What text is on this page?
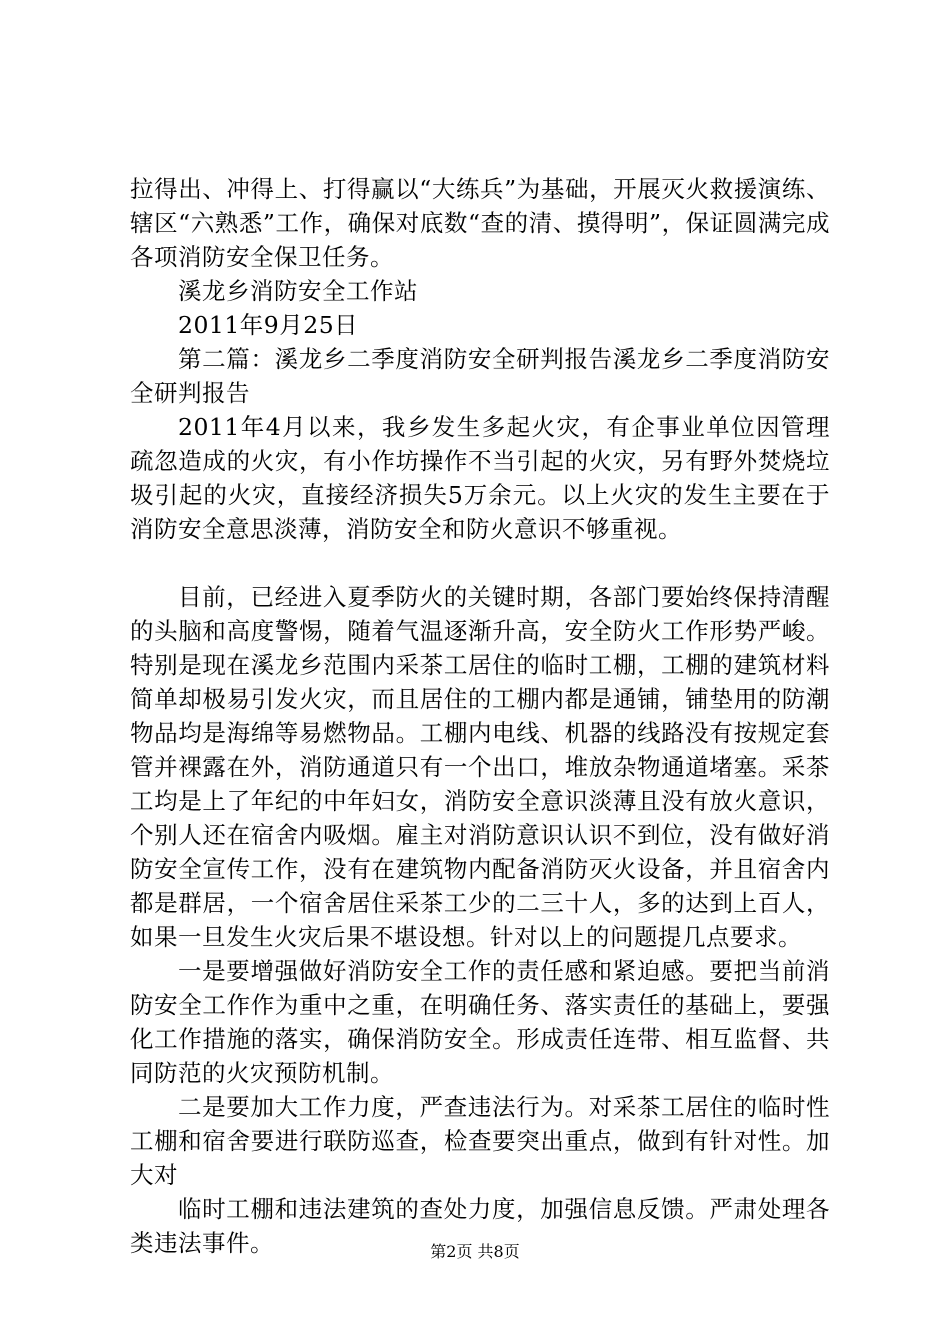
拉得出、冲得上、打得赢以“大练兵”为基础，开展灭火救援演练、辖区“六熟悉”工作，确保对底数“查的清、摸得明”，保证圆满完成各项消防安全保卫任务。

溪龙乡消防安全工作站

2011年9月25日

第二篇：溪龙乡二季度消防安全研判报告溪龙乡二季度消防安全研判报告

2011年4月以来，我乡发生多起火灾，有企事业单位因管理疏忽造成的火灾，有小作坊操作不当引起的火灾，另有野外焚烧垃圾引起的火灾，直接经济损失5万余元。以上火灾的发生主要在于消防安全意思淡薄，消防安全和防火意识不够重视。

目前，已经进入夏季防火的关键时期，各部门要始终保持清醒的头脑和高度警惕，随着气温逐渐升高，安全防火工作形势严峻。特别是现在溪龙乡范围内采茶工居住的临时工棚，工棚的建筑材料简单却极易引发火灾，而且居住的工棚内都是通铺，铺垫用的防潮物品均是海绵等易燃物品。工棚内电线、机器的线路没有按规定套管并裸露在外，消防通道只有一个出口，堆放杂物通道堵塞。采茶工均是上了年纪的中年妇女，消防安全意识淡薄且没有放火意识，个别人还在宿舍内吸烟。雇主对消防意识认识不到位，没有做好消防安全宣传工作，没有在建筑物内配备消防灭火设备，并且宿舍内都是群居，一个宿舍居住采茶工少的二三十人，多的达到上百人，如果一旦发生火灾后果不堪设想。针对以上的问题提几点要求。

一是要增强做好消防安全工作的责任感和紧迫感。要把当前消防安全工作作为重中之重，在明确任务、落实责任的基础上，要强化工作措施的落实，确保消防安全。形成责任连带、相互监督、共同防范的火灾预防机制。

二是要加大工作力度，严查违法行为。对采茶工居住的临时性工棚和宿舍要进行联防巡查，检查要突出重点，做到有针对性。加大对

临时工棚和违法建筑的查处力度，加强信息反馈。严肃处理各类违法事件。	第2页 共8页
